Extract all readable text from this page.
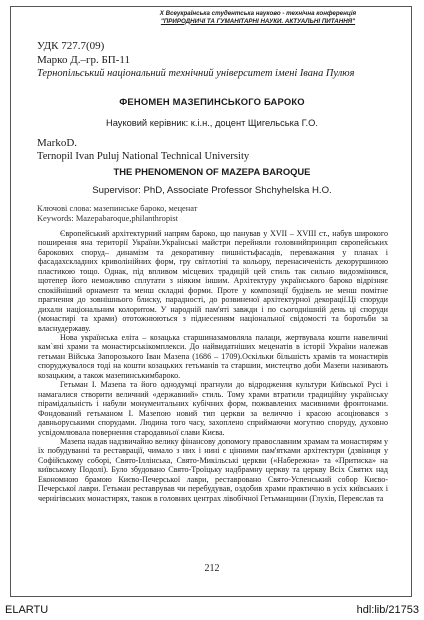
X Всеукраїнська студентська науково - технічна конференція
"ПРИРОДНИЧІ ТА ГУМАНІТАРНІ НАУКИ. АКТУАЛЬНІ ПИТАННЯ"
УДК 727.7(09)
Марко Д.–гр. БП-11
Тернопільський національний технічний університет імені Івана Пулюя
ФЕНОМЕН МАЗЕПИНСЬКОГО БАРОКО
Науковий керівник: к.і.н., доцент Щигельська Г.О.
MarkoD.
Ternopil Ivan Puluj National Technical University
THE PHENOMENON OF MAZEPA BAROQUE
Supervisor: PhD, Associate Professor Shchyhelska H.O.
Ключові слова: мазепинське бароко, меценат
Keywords: Mazepabaroque,philanthropist

Європейський архітектурний напрям бароко, що панував у XVII – XVIII ст., набув широкого поширення яна території України.Українські майстри перейняли головнийпринцип європейських барокових споруд– динамізм та декоративну пишністьфасадів, переважання у планах і фасадахскладних криволінійних форм, гру світлотіні та кольору, перенасиченість декоруршиною пластикою тощо. Однак, під впливом місцевих традицій цей стиль так сильно видозмінився, щотепер його неможливо сплутати з ніяким іншим. Архітектуру українського бароко відрізняє спокійніший орнамент та менш складні форми. Проте у композиції будівель не менш помітне прагнення до зовнішнього блиску, парадності, до розвиненої архітектурної декорації.Ці споруди дихали національним колоритом. У народній пам'яті завжди і по сьогоднішній день ці споруди (монастирі та храми) ототожнюються з піднесенням національної свідомості та боротьби за власнудержаву.

Нова українська еліта – козацька старшиназамовляла палаци, жертвувала кошти навеличні кам`яні храми та монастирськікомплекси. До найвидатніших меценатів в історії України належав гетьман Війська Запорозького Іван Мазепа (1686 – 1709).Оскільки більшість храмів та монастирів споруджувалося тоді на кошти козацьких гетьманів та старшин, мистецтво доби Мазепи називають козацьким, а також мазепинськимбароко.

Гетьман І. Мазепа та його однодумці прагнули до відродження культури Київської Русі і намагалися створити величний «державний» стиль. Тому храми втратили традиційну українську пірамідальність і набули монументальних кубічних форм, пожвавлених масивними фронтонами. Фондований гетьманом І. Мазепою новий тип церкви за величчю і красою асоціювався з давньоруськими спорудами. Людина того часу, захоплено сприймаючи могутню споруду, духовно усвідомлювала повернення стародавньої слави Києва.

Мазепа надав надзвичайно велику фінансову допомогу православним храмам та монастирям у їх побудуванні та реставрації, чимало з них і нині є цінними пам'ятками архітектури (дзвіниця у Софійському соборі, Свято-Іллінська, Свято-Микільські церкви («Набережна» та «Притиска» на київському Подолі). Було збудовано Свято-Троїцьку надбрамну церкву та церкву Всіх Святих над Економною брамою Києво-Печерської лаври, реставровано Свято-Успенський собор Києво-Печерської лаври. Гетьман реставрував чи перебудував, оздобив храми практично в усіх київських і чернігівських монастирях, також в головних центрах лівобічної Гетьманщини (Глухів, Переяслав та

212
ELARTU	hdl:lib/21753
